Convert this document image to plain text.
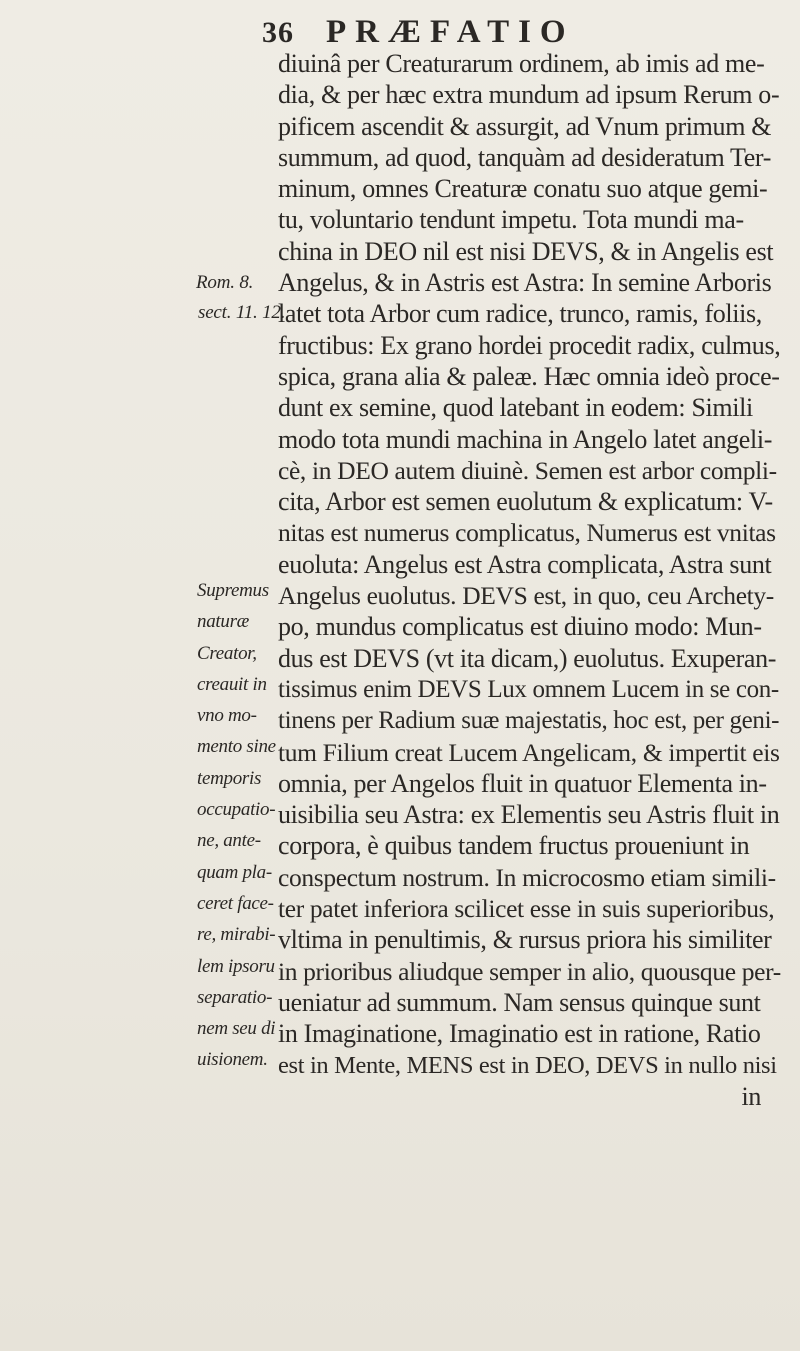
36 PRÆFATIO
Rom. 8.
sect. 11. 12.
Supremus
naturæ
Creator,
creauit in
vno mo-
mento sine
temporis
occupatio-
ne, ante-
quam pla-
ceret face-
re, mirabi-
lem ipsoru
separatio-
nem seu di
uisionem.
diuinâ per Creaturarum ordinem, ab imis ad me-
dia, & per hæc extra mundum ad ipsum Rerum o-
pificem ascendit & assurgit, ad Vnum primum &
summum, ad quod, tanquàm ad desideratum Ter-
minum, omnes Creaturæ conatu suo atque gemi-
tu, voluntario tendunt impetu. Tota mundi ma-
china in DEO nil est nisi DEVS, & in Angelis est
Angelus, & in Astris est Astra: In semine Arboris
latet tota Arbor cum radice, trunco, ramis, foliis,
fructibus: Ex grano hordei procedit radix, culmus,
spica, grana alia & paleæ. Hæc omnia ideò proce-
dunt ex semine, quod latebant in eodem: Simili
modo tota mundi machina in Angelo latet angeli-
cè, in DEO autem diuinè. Semen est arbor compli-
cita, Arbor est semen euolutum & explicatum: V-
nitas est numerus complicatus, Numerus est vnitas
euoluta: Angelus est Astra complicata, Astra sunt
Angelus euolutus. DEVS est, in quo, ceu Archety-
po, mundus complicatus est diuino modo: Mun-
dus est DEVS (vt ita dicam,) euolutus. Exuperan-
tissimus enim DEVS Lux omnem Lucem in se con-
tinens per Radium suæ majestatis, hoc est, per geni-
tum Filium creat Lucem Angelicam, & impertit eis
omnia, per Angelos fluit in quatuor Elementa in-
uisibilia seu Astra: ex Elementis seu Astris fluit in
corpora, è quibus tandem fructus proueniunt in
conspectum nostrum. In microcosmo etiam simili-
ter patet inferiora scilicet esse in suis superioribus,
vltima in penultimis, & rursus priora his similiter
in prioribus aliudque semper in alio, quousque per-
ueniatur ad summum. Nam sensus quinque sunt
in Imaginatione, Imaginatio est in ratione, Ratio
est in Mente, MENS est in DEO, DEVS in nullo nisi
in
